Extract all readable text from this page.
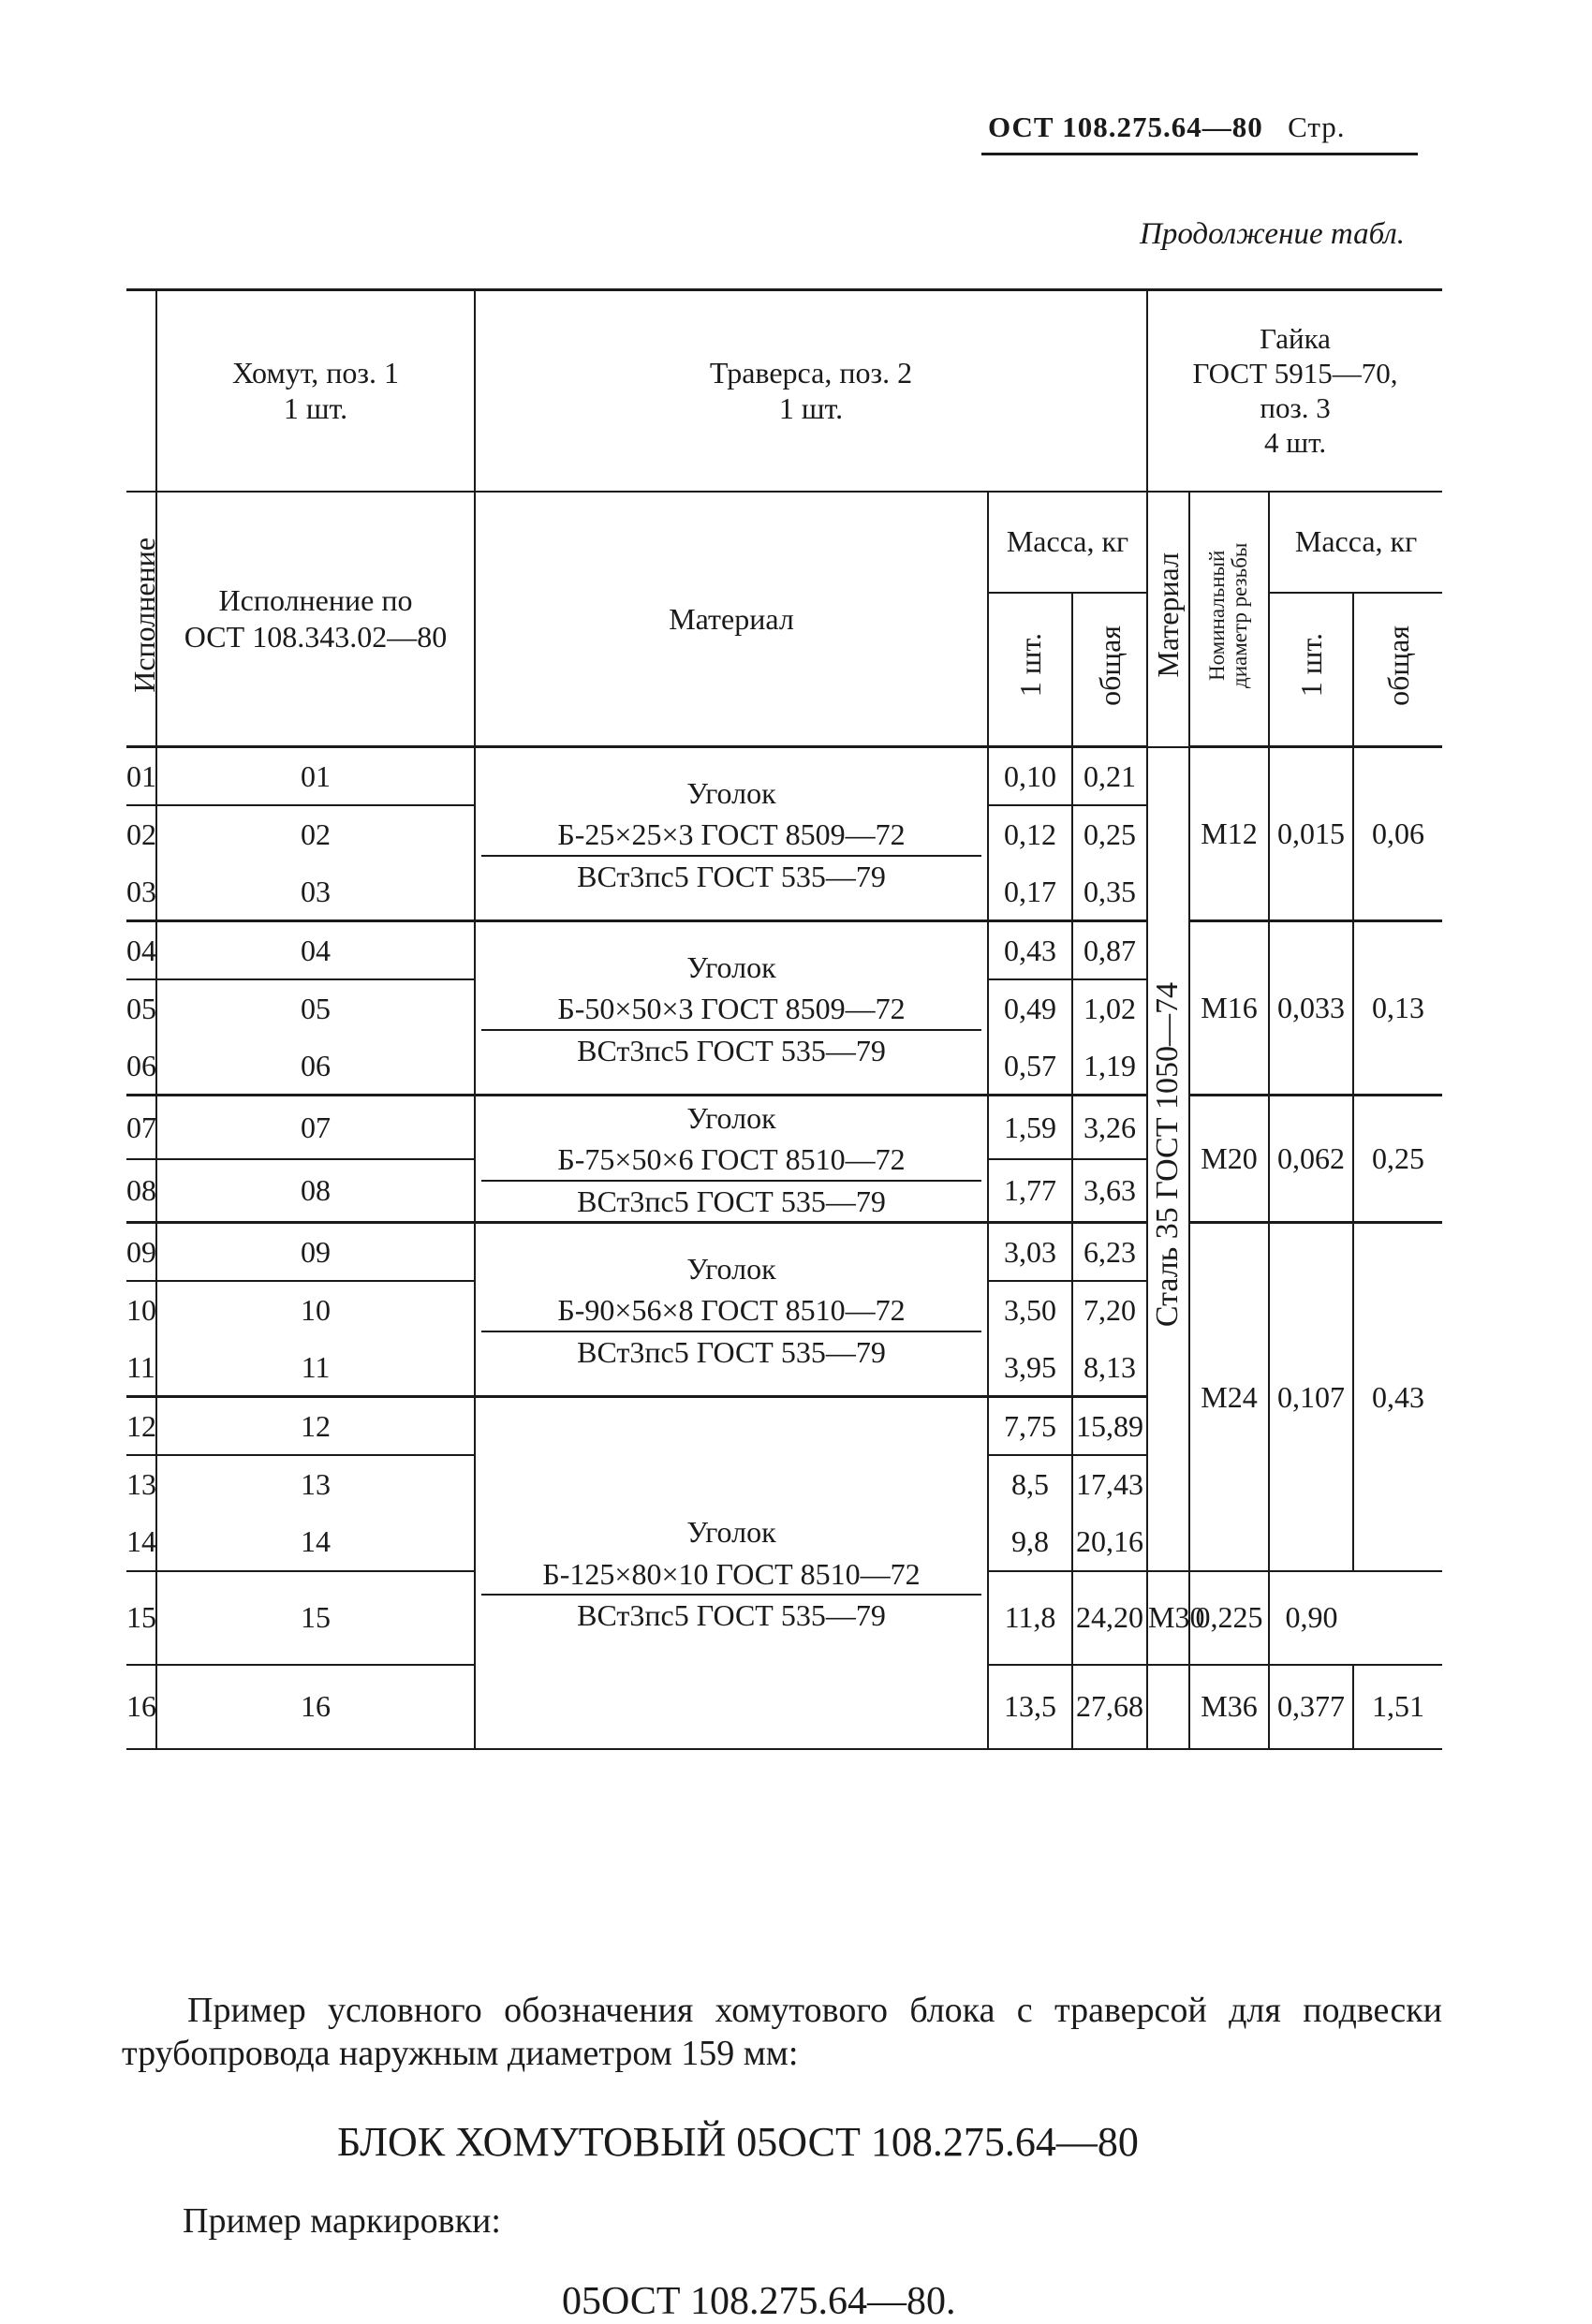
ОСТ 108.275.64—80 Стр.
Продолжение табл.
	Хомут, поз. 1
1 шт.	Траверса, поз. 2
1 шт.			Гайка
ГОСТ 5915—70,
поз. 3
4 шт.			
Исполнение	Исполнение по
ОСТ 108.343.02—80	Материал	Масса, кг		Материал	Номинальный диаметр резьбы	Масса, кг	
			1 шт.	общая			1 шт.	общая
01	01	Уголок
Б-25×25×3 ГОСТ 8509—72
ВСт3пс5 ГОСТ 535—79	0,10	0,21	Сталь 35 ГОСТ 1050—74	М12	0,015	0,06
02	02		0,12	0,25				
03	03		0,17	0,35				
04	04	Уголок
Б-50×50×3 ГОСТ 8509—72
ВСт3пс5 ГОСТ 535—79	0,43	0,87		М16	0,033	0,13
05	05		0,49	1,02				
06	06		0,57	1,19				
07	07	Уголок
Б-75×50×6 ГОСТ 8510—72
ВСт3пс5 ГОСТ 535—79	1,59	3,26		М20	0,062	0,25
08	08		1,77	3,63				
09	09	Уголок
Б-90×56×8 ГОСТ 8510—72
ВСт3пс5 ГОСТ 535—79	3,03	6,23		М24	0,107	0,43
10	10		3,50	7,20				
11	11		3,95	8,13				
12	12	Уголок
Б-125×80×10 ГОСТ 8510—72
ВСт3пс5 ГОСТ 535—79	7,75	15,89				
13	13		8,5	17,43				
14	14		9,8	20,16				
15	15		11,8	24,20	М30	0,225	0,90	
16	16		13,5	27,68		М36	0,377	1,51
Пример условного обозначения хомутового блока с траверсой для подвески трубопровода наружным диаметром 159 мм:
БЛОК ХОМУТОВЫЙ 05ОСТ 108.275.64—80
Пример маркировки:
05ОСТ 108.275.64—80.
